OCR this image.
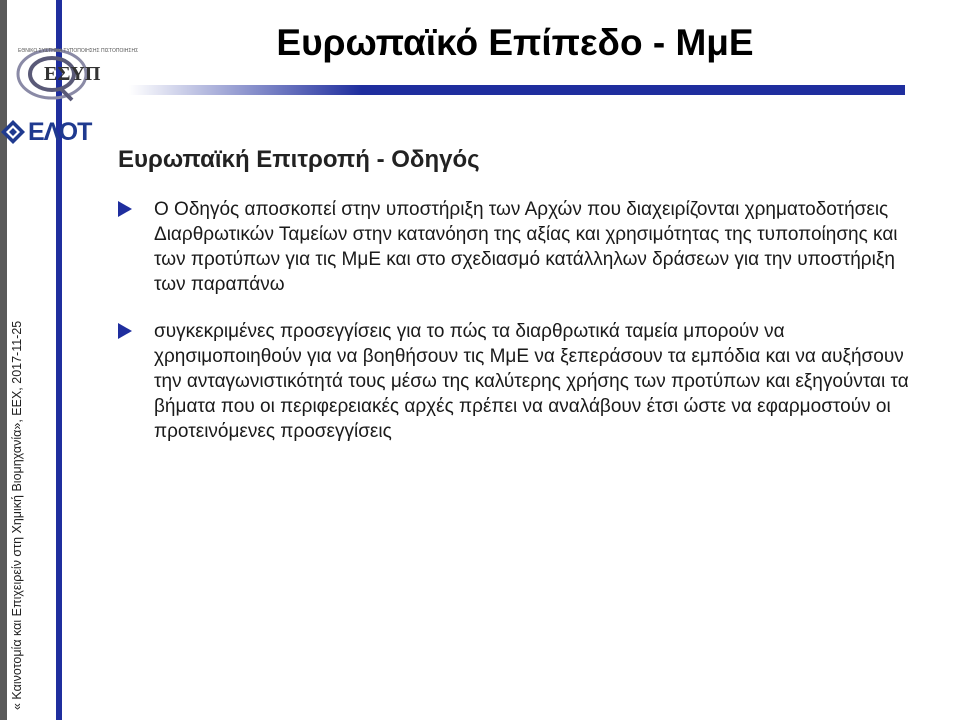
« Καινοτομία και Επιχειρείν στη Χημική Βιομηχανία», ΕΕΧ, 2017-11-25
ΕΣΥΠ
ΕΘΝΙΚΟ ΣΥΣΤΗΜΑ ΤΥΠΟΠΟΙΗΣΗΣ ΠΙΣΤΟΠΟΙΗΣΗΣ
ΕΛΟΤ
Ευρωπαϊκό Επίπεδο - ΜμΕ
Ευρωπαϊκή Επιτροπή - Οδηγός
Ο Οδηγός αποσκοπεί στην υποστήριξη των Αρχών που διαχειρίζονται χρηματοδοτήσεις Διαρθρωτικών Ταμείων στην κατανόηση της αξίας και χρησιμότητας της τυποποίησης και των προτύπων για τις ΜμΕ και στο σχεδιασμό κατάλληλων δράσεων για την υποστήριξη των παραπάνω
συγκεκριμένες προσεγγίσεις για το πώς τα διαρθρωτικά ταμεία μπορούν να χρησιμοποιηθούν για να βοηθήσουν τις ΜμΕ να ξεπεράσουν τα εμπόδια και να αυξήσουν την ανταγωνιστικότητά τους μέσω της καλύτερης χρήσης των προτύπων και εξηγούνται τα βήματα που οι περιφερειακές αρχές πρέπει να αναλάβουν έτσι ώστε να εφαρμοστούν οι προτεινόμενες προσεγγίσεις
